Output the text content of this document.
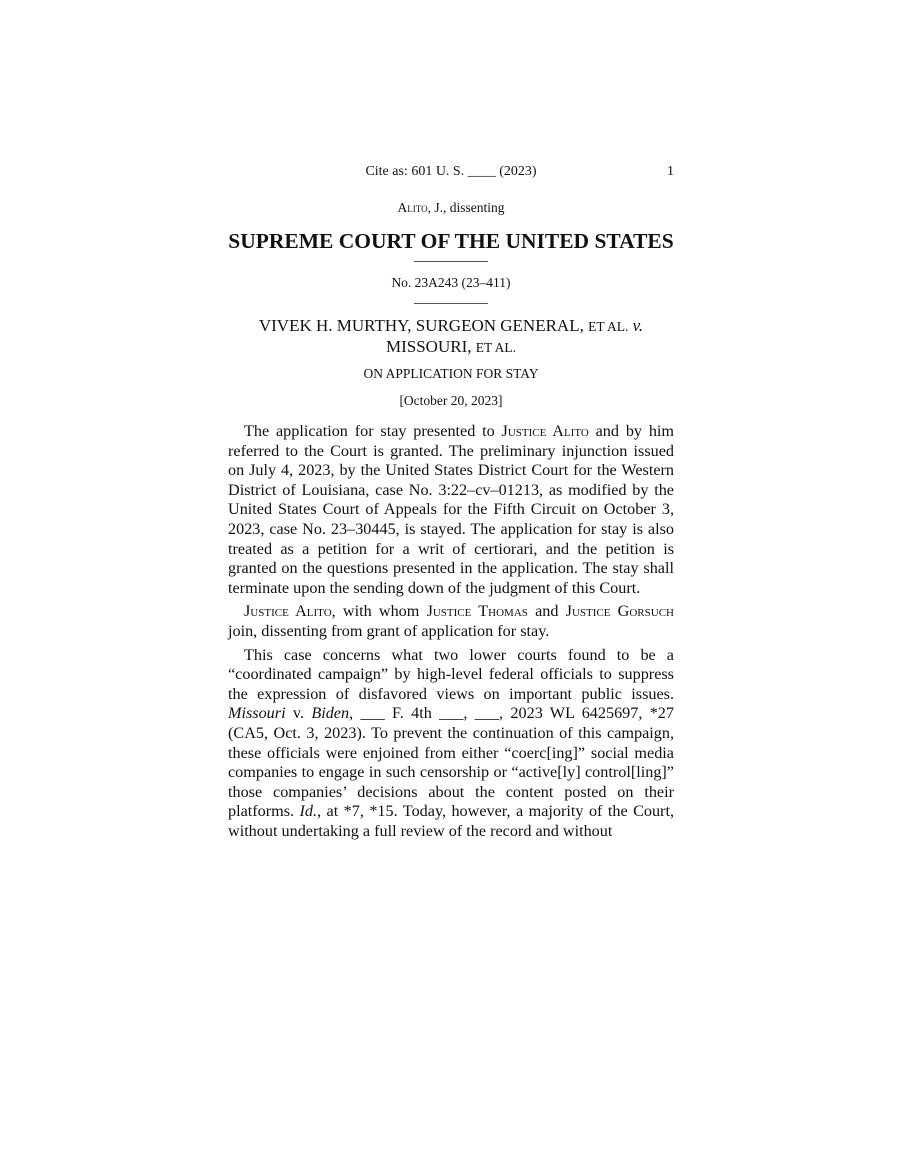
Cite as: 601 U. S. ____ (2023)	1
Alito, J., dissenting
SUPREME COURT OF THE UNITED STATES
No. 23A243 (23–411)
VIVEK H. MURTHY, SURGEON GENERAL, ET AL. v.
MISSOURI, ET AL.
ON APPLICATION FOR STAY
[October 20, 2023]

The application for stay presented to Justice Alito and by him referred to the Court is granted. The preliminary injunction issued on July 4, 2023, by the United States District Court for the Western District of Louisiana, case No. 3:22–cv–01213, as modified by the United States Court of Appeals for the Fifth Circuit on October 3, 2023, case No. 23–30445, is stayed. The application for stay is also treated as a petition for a writ of certiorari, and the petition is granted on the questions presented in the application. The stay shall terminate upon the sending down of the judgment of this Court.

Justice Alito, with whom Justice Thomas and Justice Gorsuch join, dissenting from grant of application for stay.

This case concerns what two lower courts found to be a “coordinated campaign” by high-level federal officials to suppress the expression of disfavored views on important public issues. Missouri v. Biden, ___ F. 4th ___, ___, 2023 WL 6425697, *27 (CA5, Oct. 3, 2023). To prevent the continuation of this campaign, these officials were enjoined from either “coerc[ing]” social media companies to engage in such censorship or “active[ly] control[ling]” those companies’ decisions about the content posted on their platforms. Id., at *7, *15. Today, however, a majority of the Court, without undertaking a full review of the record and without
